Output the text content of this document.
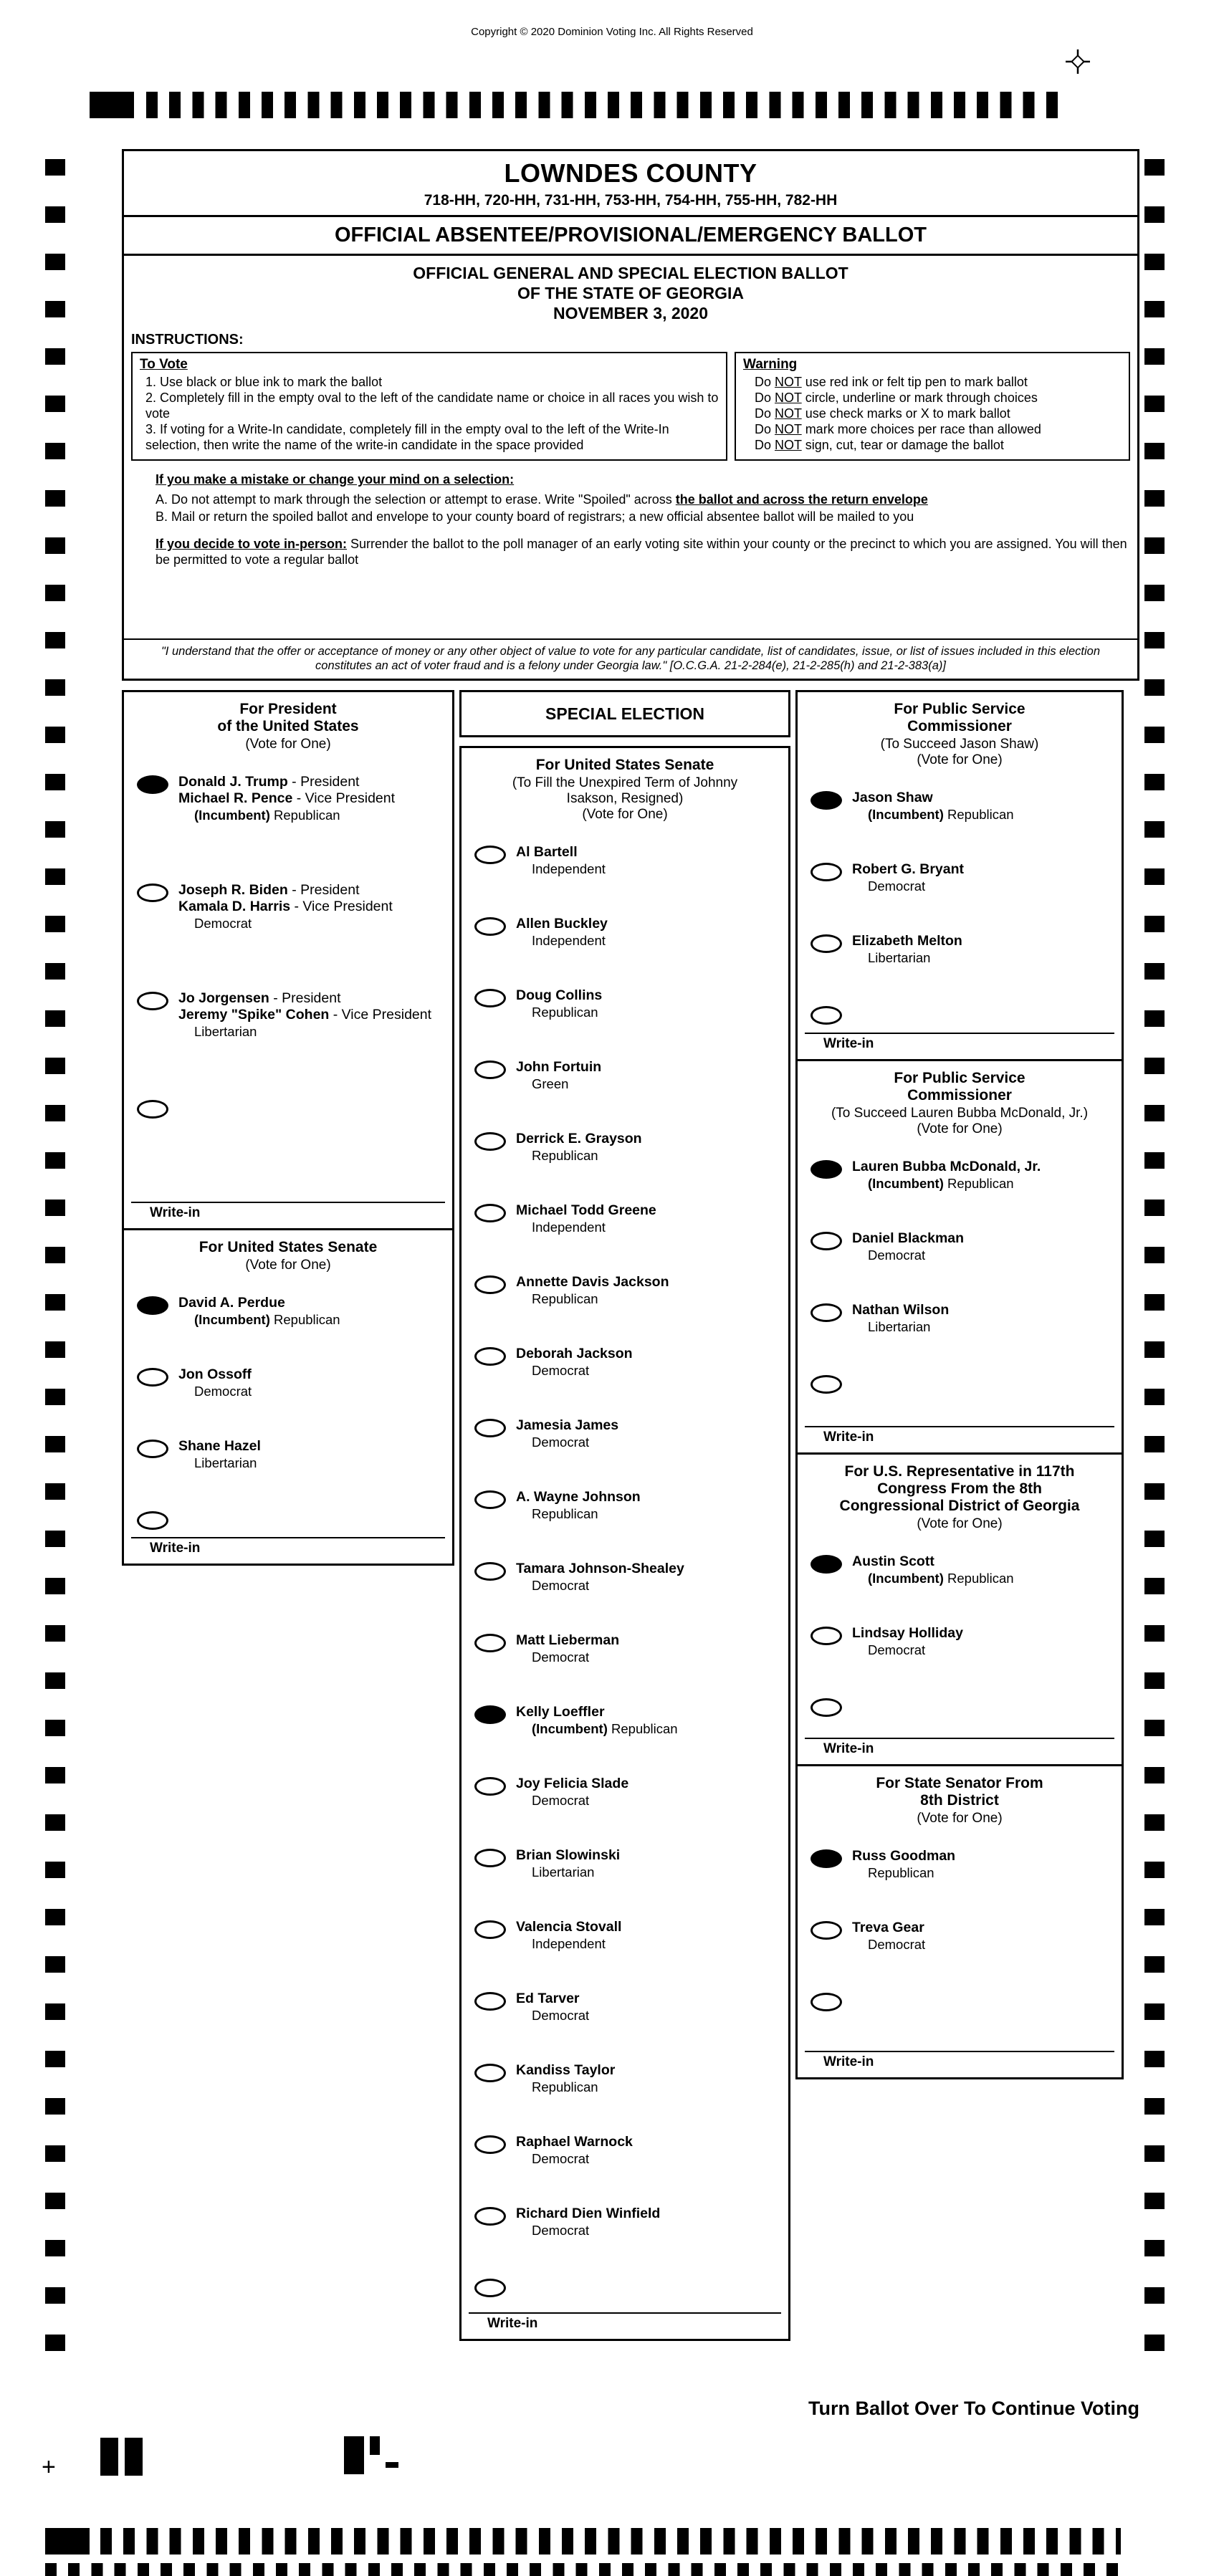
Copyright © 2020 Dominion Voting Inc. All Rights Reserved
+
LOWNDES COUNTY
718-HH, 720-HH, 731-HH, 753-HH, 754-HH, 755-HH, 782-HH
OFFICIAL ABSENTEE/PROVISIONAL/EMERGENCY BALLOT
OFFICIAL GENERAL AND SPECIAL ELECTION BALLOT
OF THE STATE OF GEORGIA
NOVEMBER 3, 2020
INSTRUCTIONS:
To Vote
1. Use black or blue ink to mark the ballot
2. Completely fill in the empty oval to the left of the candidate name or choice in all races you wish to vote
3. If voting for a Write-In candidate, completely fill in the empty oval to the left of the Write-In selection, then write the name of the write-in candidate in the space provided
Warning
Do NOT use red ink or felt tip pen to mark ballot
Do NOT circle, underline or mark through choices
Do NOT use check marks or X to mark ballot
Do NOT mark more choices per race than allowed
Do NOT sign, cut, tear or damage the ballot
If you make a mistake or change your mind on a selection:
A. Do not attempt to mark through the selection or attempt to erase. Write "Spoiled" across the ballot and across the return envelope
B. Mail or return the spoiled ballot and envelope to your county board of registrars; a new official absentee ballot will be mailed to you
If you decide to vote in-person: Surrender the ballot to the poll manager of an early voting site within your county or the precinct to which you are assigned. You will then be permitted to vote a regular ballot
"I understand that the offer or acceptance of money or any other object of value to vote for any particular candidate, list of candidates, issue, or list of issues included in this election constitutes an act of voter fraud and is a felony under Georgia law." [O.C.G.A. 21-2-284(e), 21-2-285(h) and 21-2-383(a)]
For President
of the United States
(Vote for One)
Donald J. Trump - President
Michael R. Pence - Vice President
(Incumbent) Republican
Joseph R. Biden - President
Kamala D. Harris - Vice President
Democrat
Jo Jorgensen - President
Jeremy "Spike" Cohen - Vice President
Libertarian
Write-in
For United States Senate
(Vote for One)
David A. Perdue
(Incumbent) Republican
Jon Ossoff
Democrat
Shane Hazel
Libertarian
Write-in
SPECIAL ELECTION
For United States Senate
(To Fill the Unexpired Term of Johnny
Isakson, Resigned)
(Vote for One)
Al Bartell
Independent
Allen Buckley
Independent
Doug Collins
Republican
John Fortuin
Green
Derrick E. Grayson
Republican
Michael Todd Greene
Independent
Annette Davis Jackson
Republican
Deborah Jackson
Democrat
Jamesia James
Democrat
A. Wayne Johnson
Republican
Tamara Johnson-Shealey
Democrat
Matt Lieberman
Democrat
Kelly Loeffler
(Incumbent) Republican
Joy Felicia Slade
Democrat
Brian Slowinski
Libertarian
Valencia Stovall
Independent
Ed Tarver
Democrat
Kandiss Taylor
Republican
Raphael Warnock
Democrat
Richard Dien Winfield
Democrat
Write-in
For Public Service
Commissioner
(To Succeed Jason Shaw)
(Vote for One)
Jason Shaw
(Incumbent) Republican
Robert G. Bryant
Democrat
Elizabeth Melton
Libertarian
Write-in
For Public Service
Commissioner
(To Succeed Lauren Bubba McDonald, Jr.)
(Vote for One)
Lauren Bubba McDonald, Jr.
(Incumbent) Republican
Daniel Blackman
Democrat
Nathan Wilson
Libertarian
Write-in
For U.S. Representative in 117th
Congress From the 8th
Congressional District of Georgia
(Vote for One)
Austin Scott
(Incumbent) Republican
Lindsay Holliday
Democrat
Write-in
For State Senator From
8th District
(Vote for One)
Russ Goodman
Republican
Treva Gear
Democrat
Write-in
Turn Ballot Over To Continue Voting
